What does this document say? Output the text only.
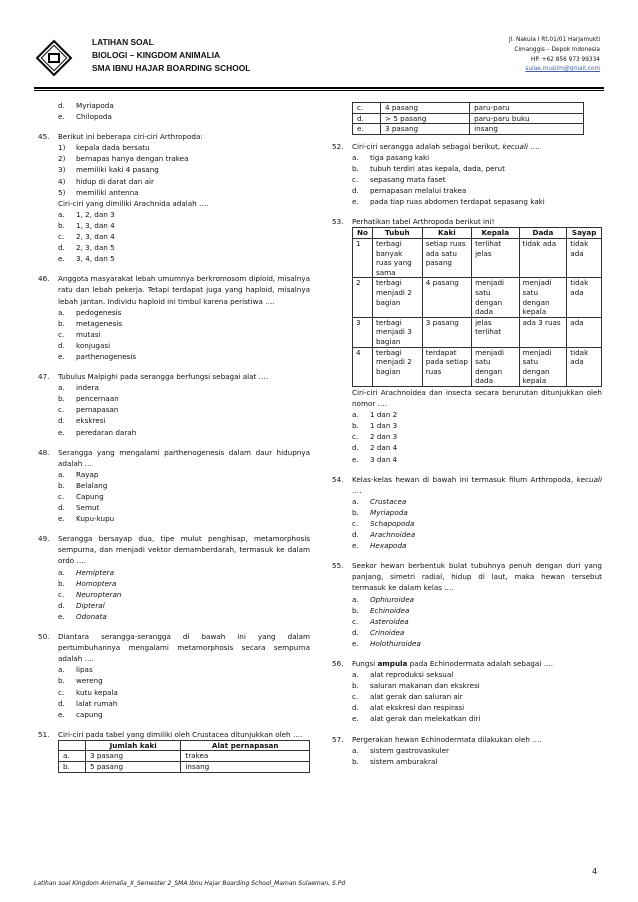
LATIHAN SOAL
BIOLOGI – KINGDOM ANIMALIA
SMA IBNU HAJAR BOARDING SCHOOL
Jl. Nakula I Rt.01/01 Harjamukti
Cimanggis – Depok Indonesia
HP. +62 856 973 99334
sulae.muslim@gmail.com
d.	Myriapoda
e.	Chilopoda
45.	Berikut ini beberapa ciri-ciri Arthropoda:
1)	kepala dada bersatu
2)	bernapas hanya dengan trakea
3)	memiliki kaki 4 pasang
4)	hidup di darat dan air
5)	memiliki antenna
Ciri-ciri yang dimiliki Arachnida adalah ….
a.	1, 2, dan 3
b.	1, 3, dan 4
c.	2, 3, dan 4
d.	2, 3, dan 5
e.	3, 4, dan 5
46.	Anggota masyarakat lebah umumnya berkromosom diploid, misalnya ratu dan lebah pekerja. Tetapi terdapat juga yang haploid, misalnya lebah jantan. Individu haploid ini timbul karena peristiwa ….
a.	pedogenesis
b.	metagenesis
c.	mutasi
d.	konjugasi
e.	parthenogenesis
47.	Tubulus Malpighi pada serangga berfungsi sebagai alat ….
a.	indera
b.	pencernaan
c.	pernapasan
d.	ekskresi
e.	peredaran darah
48.	Serangga yang mengalami parthenogenesis dalam daur hidupnya adalah …
a.	Rayap
b.	Belalang
c.	Capung
d.	Semut
e.	Kupu-kupu
49.	Serangga bersayap dua, tipe mulut penghisap, metamorphosis sempurna, dan menjadi vektor demamberdarah, termasuk ke dalam ordo ….
a.	Hemiptera
b.	Homoptera
c.	Neuropteran
d.	Dipteral
e.	Odonata
50.	Diantara serangga-serangga di bawah ini yang dalam pertumbuhannya mengalami metamorphosis secara sempurna adalah ….
a.	lipas
b.	wereng
c.	kutu kepala
d.	lalat rumah
e.	capung
51.	Ciri-ciri pada tabel yang dimiliki oleh Crustacea ditunjukkan oleh ….
	Jumlah kaki	Alat pernapasan
a.	3 pasang	trakea
b.	5 pasang	insang
c.	4 pasang	paru-paru
d.	> 5 pasang	paru-paru buku
e.	3 pasang	insang
52.	Ciri-ciri serangga adalah sebagai berikut, kecuali ….
a.	tiga pasang kaki
b.	tubuh terdiri atas kepala, dada, perut
c.	sepasang mata faset
d.	pernapasan melalui trakea
e.	pada tiap ruas abdomen terdapat sepasang kaki
53.	Perhatikan tabel Arthropoda berikut ini!
No	Tubuh	Kaki	Kepala	Dada	Sayap
1	terbagi banyak ruas yang sama	setiap ruas ada satu pasang	terlihat jelas	tidak ada	tidak ada
2	terbagi menjadi 2 bagian	4 pasang	menjadi satu dengan dada	menjadi satu dengan kepala	tidak ada
3	terbagi menjadi 3 bagian	3 pasang	jelas terlihat	ada 3 ruas	ada
4	terbagi menjadi 2 bagian	terdapat pada setiap ruas	menjadi satu dengan dada	menjadi satu dengan kepala	tidak ada
Ciri-ciri Arachnoidea dan insecta secara berurutan ditunjukkan oleh nomor ….
a.	1 dan 2
b.	1 dan 3
c.	2 dan 3
d.	2 dan 4
e.	3 dan 4
54.	Kelas-kelas hewan di bawah ini termasuk filum Arthropoda, kecuali ….
a.	Crustacea
b.	Myriapoda
c.	Schapopoda
d.	Arachnoidea
e.	Hexapoda
55.	Seekor hewan berbentuk bulat tubuhnya penuh dengan duri yang panjang, simetri radial, hidup di laut, maka hewan tersebut termasuk ke dalam kelas ….
a.	Ophiuroidea
b.	Echinoidea
c.	Asteroidea
d.	Crinoidea
e.	Holothuroidea
56.	Fungsi ampula pada Echinodermata adalah sebagai ….
a.	alat reproduksi seksual
b.	saluran makanan dan ekskresi
c.	alat gerak dan saluran air
d.	alat ekskresi dan respirasi
e.	alat gerak dan melekatkan diri
57.	Pergerakan hewan Echinodermata dilakukan oleh ….
a.	sistem gastrovaskuler
b.	sistem amburakral
4
Latihan soal Kingdom Animalia_X_Semester 2_SMA Ibnu Hajar Boarding School_Maman Sulaeman, S.Pd
